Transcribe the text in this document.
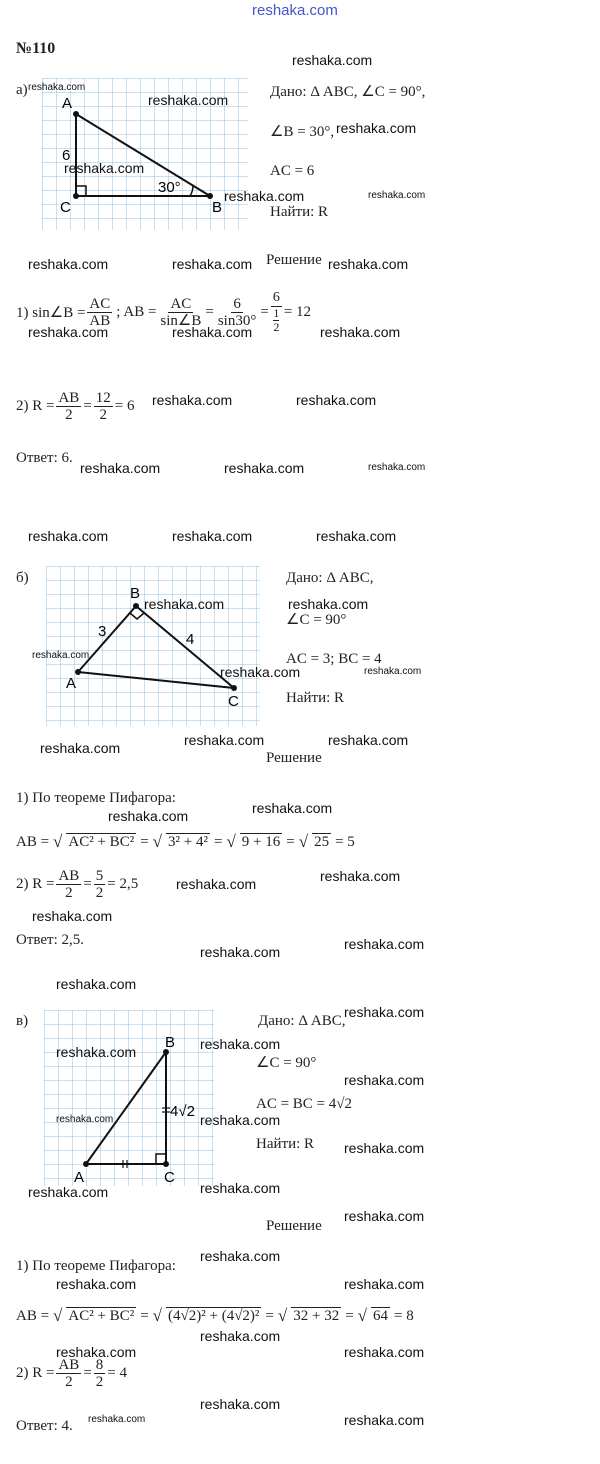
reshaka.com
№110
а)
A
C	B
6
30°
Дано: Δ ABC, ∠C = 90°,
∠B = 30°,
AC = 6
Найти: R
Решение
1) sin∠B = $\frac{AC}{AB}$ ; AB = $\frac{AC}{\sin\angle B} = \frac{6}{\sin 30^\circ} = 6$
1
2 = 12
2) $R = \frac{AB}{2} = \frac{12}{2} = 6$
Ответ: 6.
б)
B
A
C
3	4
Дано: Δ ABC,
∠C = 90°
AC = 3; BC = 4
Найти: R
Решение
1) По теореме Пифагора:
AB = √ AC² + BC² = √ 3² + 4² = √ 9 + 16 = √ 25 = 5
2) $R = \frac{AB}{2} = \frac{5}{2} = 2,5$
Ответ: 2,5.
в)
B
A	C
4√2
Дано: Δ ABC,
∠C = 90°
AC = BC = 4√2
Найти: R
Решение
1) По теореме Пифагора:
AB = √ AC² + BC² = √ (4√2)² + (4√2)² = √ 32 + 32 = √ 64 = 8
2) $R = \frac{AB}{2} = \frac{8}{2} = 4$
Ответ: 4.
reshaka.com
reshaka.com
reshaka.com
reshaka.com
reshaka.com
reshaka.com	reshaka.com
reshaka.com	reshaka.com	reshaka.com
reshaka.com	reshaka.com	reshaka.com
reshaka.com	reshaka.com
reshaka.com	reshaka.com	reshaka.com
reshaka.com	reshaka.com	reshaka.com
reshaka.com	reshaka.com
reshaka.com
reshaka.com	reshaka.com
reshaka.com	reshaka.com	reshaka.com
reshaka.com
reshaka.com
reshaka.com	reshaka.com
reshaka.com
reshaka.com
reshaka.com
reshaka.com
reshaka.com
reshaka.com
reshaka.com
reshaka.com
reshaka.com	reshaka.com
reshaka.com
reshaka.com	reshaka.com
reshaka.com
reshaka.com
reshaka.com	reshaka.com
reshaka.com
reshaka.com	reshaka.com
reshaka.com
reshaka.com	reshaka.com
